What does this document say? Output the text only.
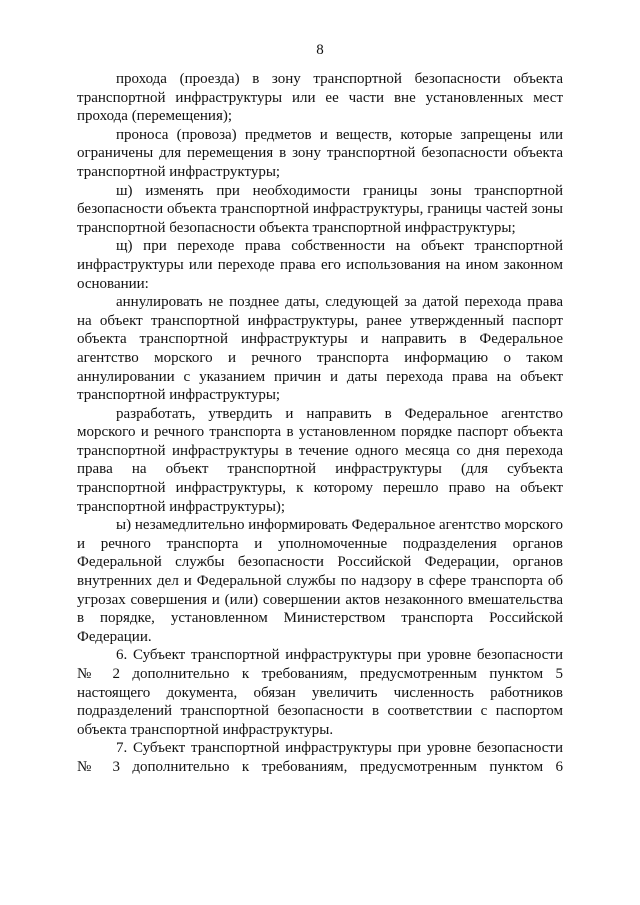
8

прохода (проезда) в зону транспортной безопасности объекта транспортной инфраструктуры или ее части вне установленных мест прохода (перемещения);

проноса (провоза) предметов и веществ, которые запрещены или ограничены для перемещения в зону транспортной безопасности объекта транспортной инфраструктуры;

ш) изменять при необходимости границы зоны транспортной безопасности объекта транспортной инфраструктуры, границы частей зоны транспортной безопасности объекта транспортной инфраструктуры;

щ) при переходе права собственности на объект транспортной инфраструктуры или переходе права его использования на ином законном основании:

аннулировать не позднее даты, следующей за датой перехода права на объект транспортной инфраструктуры, ранее утвержденный паспорт объекта транспортной инфраструктуры и направить в Федеральное агентство морского и речного транспорта информацию о таком аннулировании с указанием причин и даты перехода права на объект транспортной инфраструктуры;

разработать, утвердить и направить в Федеральное агентство морского и речного транспорта в установленном порядке паспорт объекта транспортной инфраструктуры в течение одного месяца со дня перехода права на объект транспортной инфраструктуры (для субъекта транспортной инфраструктуры, к которому перешло право на объект транспортной инфраструктуры);

ы) незамедлительно информировать Федеральное агентство морского и речного транспорта и уполномоченные подразделения органов Федеральной службы безопасности Российской Федерации, органов внутренних дел и Федеральной службы по надзору в сфере транспорта об угрозах совершения и (или) совершении актов незаконного вмешательства в порядке, установленном Министерством транспорта Российской Федерации.

6. Субъект транспортной инфраструктуры при уровне безопасности № 2 дополнительно к требованиям, предусмотренным пунктом 5 настоящего документа, обязан увеличить численность работников подразделений транспортной безопасности в соответствии с паспортом объекта транспортной инфраструктуры.

7. Субъект транспортной инфраструктуры при уровне безопасности № 3 дополнительно к требованиям, предусмотренным пунктом 6
